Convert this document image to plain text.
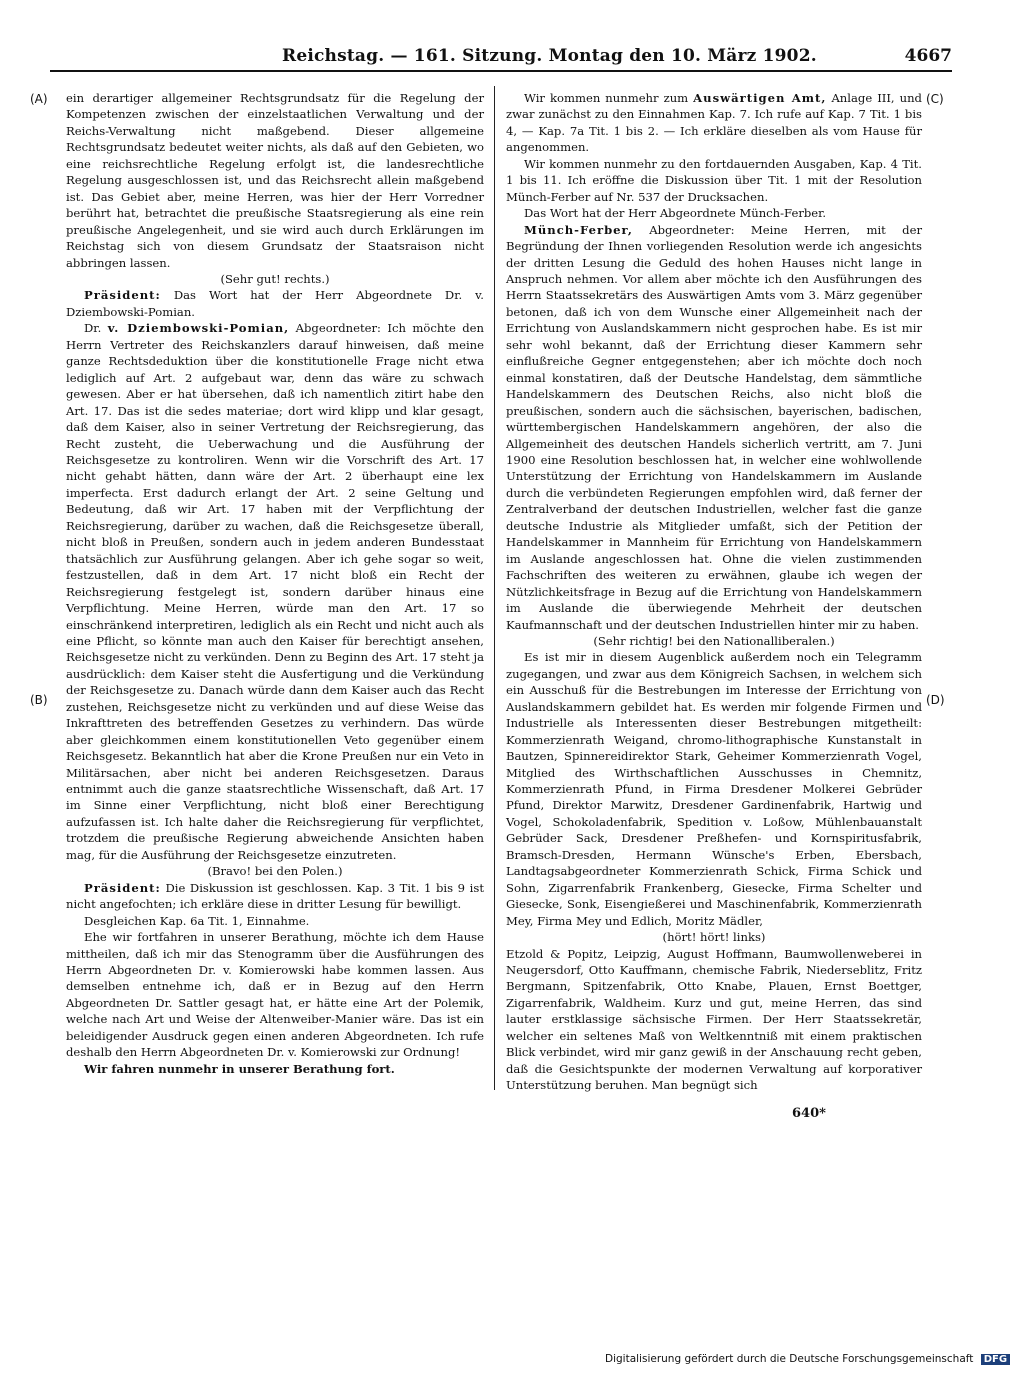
Reichstag. — 161. Sitzung. Montag den 10. März 1902.	4667
(A)
(B)
(C)
(D)

ein derartiger allgemeiner Rechtsgrundsatz für die Regelung der Kompetenzen zwischen der einzelstaatlichen Verwaltung und der Reichs-Verwaltung nicht maßgebend. Dieser allgemeine Rechtsgrundsatz bedeutet weiter nichts, als daß auf den Gebieten, wo eine reichsrechtliche Regelung erfolgt ist, die landesrechtliche Regelung ausgeschlossen ist, und das Reichsrecht allein maßgebend ist. Das Gebiet aber, meine Herren, was hier der Herr Vorredner berührt hat, betrachtet die preußische Staatsregierung als eine rein preußische Angelegenheit, und sie wird auch durch Erklärungen im Reichstag sich von diesem Grundsatz der Staatsraison nicht abbringen lassen.

(Sehr gut! rechts.)

Präsident: Das Wort hat der Herr Abgeordnete Dr. v. Dziembowski-Pomian.

Dr. v. Dziembowski-Pomian, Abgeordneter: Ich möchte den Herrn Vertreter des Reichskanzlers darauf hinweisen, daß meine ganze Rechtsdeduktion über die konstitutionelle Frage nicht etwa lediglich auf Art. 2 aufgebaut war, denn das wäre zu schwach gewesen. Aber er hat übersehen, daß ich namentlich zitirt habe den Art. 17. Das ist die sedes materiae; dort wird klipp und klar gesagt, daß dem Kaiser, also in seiner Vertretung der Reichsregierung, das Recht zusteht, die Ueberwachung und die Ausführung der Reichsgesetze zu kontroliren. Wenn wir die Vorschrift des Art. 17 nicht gehabt hätten, dann wäre der Art. 2 überhaupt eine lex imperfecta. Erst dadurch erlangt der Art. 2 seine Geltung und Bedeutung, daß wir Art. 17 haben mit der Verpflichtung der Reichsregierung, darüber zu wachen, daß die Reichsgesetze überall, nicht bloß in Preußen, sondern auch in jedem anderen Bundesstaat thatsächlich zur Ausführung gelangen. Aber ich gehe sogar so weit, festzustellen, daß in dem Art. 17 nicht bloß ein Recht der Reichsregierung festgelegt ist, sondern darüber hinaus eine Verpflichtung. Meine Herren, würde man den Art. 17 so einschränkend interpretiren, lediglich als ein Recht und nicht auch als eine Pflicht, so könnte man auch den Kaiser für berechtigt ansehen, Reichsgesetze nicht zu verkünden. Denn zu Beginn des Art. 17 steht ja ausdrücklich: dem Kaiser steht die Ausfertigung und die Verkündung der Reichsgesetze zu. Danach würde dann dem Kaiser auch das Recht zustehen, Reichsgesetze nicht zu verkünden und auf diese Weise das Inkrafttreten des betreffenden Gesetzes zu verhindern. Das würde aber gleichkommen einem konstitutionellen Veto gegenüber einem Reichsgesetz. Bekanntlich hat aber die Krone Preußen nur ein Veto in Militärsachen, aber nicht bei anderen Reichsgesetzen. Daraus entnimmt auch die ganze staatsrechtliche Wissenschaft, daß Art. 17 im Sinne einer Verpflichtung, nicht bloß einer Berechtigung aufzufassen ist. Ich halte daher die Reichsregierung für verpflichtet, trotzdem die preußische Regierung abweichende Ansichten haben mag, für die Ausführung der Reichsgesetze einzutreten.

(Bravo! bei den Polen.)

Präsident: Die Diskussion ist geschlossen. Kap. 3 Tit. 1 bis 9 ist nicht angefochten; ich erkläre diese in dritter Lesung für bewilligt.

Desgleichen Kap. 6a Tit. 1, Einnahme.

Ehe wir fortfahren in unserer Berathung, möchte ich dem Hause mittheilen, daß ich mir das Stenogramm über die Ausführungen des Herrn Abgeordneten Dr. v. Komierowski habe kommen lassen. Aus demselben entnehme ich, daß er in Bezug auf den Herrn Abgeordneten Dr. Sattler gesagt hat, er hätte eine Art der Polemik, welche nach Art und Weise der Altenweiber-Manier wäre. Das ist ein beleidigender Ausdruck gegen einen anderen Abgeordneten. Ich rufe deshalb den Herrn Abgeordneten Dr. v. Komierowski zur Ordnung!

Wir fahren nunmehr in unserer Berathung fort.

Wir kommen nunmehr zum Auswärtigen Amt, Anlage III, und zwar zunächst zu den Einnahmen Kap. 7. Ich rufe auf Kap. 7 Tit. 1 bis 4, — Kap. 7a Tit. 1 bis 2. — Ich erkläre dieselben als vom Hause für angenommen.

Wir kommen nunmehr zu den fortdauernden Ausgaben, Kap. 4 Tit. 1 bis 11. Ich eröffne die Diskussion über Tit. 1 mit der Resolution Münch-Ferber auf Nr. 537 der Drucksachen.

Das Wort hat der Herr Abgeordnete Münch-Ferber.

Münch-Ferber, Abgeordneter: Meine Herren, mit der Begründung der Ihnen vorliegenden Resolution werde ich angesichts der dritten Lesung die Geduld des hohen Hauses nicht lange in Anspruch nehmen. Vor allem aber möchte ich den Ausführungen des Herrn Staatssekretärs des Auswärtigen Amts vom 3. März gegenüber betonen, daß ich von dem Wunsche einer Allgemeinheit nach der Errichtung von Auslandskammern nicht gesprochen habe. Es ist mir sehr wohl bekannt, daß der Errichtung dieser Kammern sehr einflußreiche Gegner entgegenstehen; aber ich möchte doch noch einmal konstatiren, daß der Deutsche Handelstag, dem sämmtliche Handelskammern des Deutschen Reichs, also nicht bloß die preußischen, sondern auch die sächsischen, bayerischen, badischen, württembergischen Handelskammern angehören, der also die Allgemeinheit des deutschen Handels sicherlich vertritt, am 7. Juni 1900 eine Resolution beschlossen hat, in welcher eine wohlwollende Unterstützung der Errichtung von Handelskammern im Auslande durch die verbündeten Regierungen empfohlen wird, daß ferner der Zentralverband der deutschen Industriellen, welcher fast die ganze deutsche Industrie als Mitglieder umfaßt, sich der Petition der Handelskammer in Mannheim für Errichtung von Handelskammern im Auslande angeschlossen hat. Ohne die vielen zustimmenden Fachschriften des weiteren zu erwähnen, glaube ich wegen der Nützlichkeitsfrage in Bezug auf die Errichtung von Handelskammern im Auslande die überwiegende Mehrheit der deutschen Kaufmannschaft und der deutschen Industriellen hinter mir zu haben.

(Sehr richtig! bei den Nationalliberalen.)

Es ist mir in diesem Augenblick außerdem noch ein Telegramm zugegangen, und zwar aus dem Königreich Sachsen, in welchem sich ein Ausschuß für die Bestrebungen im Interesse der Errichtung von Auslandskammern gebildet hat. Es werden mir folgende Firmen und Industrielle als Interessenten dieser Bestrebungen mitgetheilt: Kommerzienrath Weigand, chromo-lithographische Kunstanstalt in Bautzen, Spinnereidirektor Stark, Geheimer Kommerzienrath Vogel, Mitglied des Wirthschaftlichen Ausschusses in Chemnitz, Kommerzienrath Pfund, in Firma Dresdener Molkerei Gebrüder Pfund, Direktor Marwitz, Dresdener Gardinenfabrik, Hartwig und Vogel, Schokoladenfabrik, Spedition v. Loßow, Mühlenbauanstalt Gebrüder Sack, Dresdener Preßhefen- und Kornspiritusfabrik, Bramsch-Dresden, Hermann Wünsche's Erben, Ebersbach, Landtagsabgeordneter Kommerzienrath Schick, Firma Schick und Sohn, Zigarrenfabrik Frankenberg, Giesecke, Firma Schelter und Giesecke, Sonk, Eisengießerei und Maschinenfabrik, Kommerzienrath Mey, Firma Mey und Edlich, Moritz Mädler,

(hört! hört! links)

Etzold & Popitz, Leipzig, August Hoffmann, Baumwollenweberei in Neugersdorf, Otto Kauffmann, chemische Fabrik, Niederseblitz, Fritz Bergmann, Spitzenfabrik, Otto Knabe, Plauen, Ernst Boettger, Zigarrenfabrik, Waldheim. Kurz und gut, meine Herren, das sind lauter erstklassige sächsische Firmen. Der Herr Staatssekretär, welcher ein seltenes Maß von Weltkenntniß mit einem praktischen Blick verbindet, wird mir ganz gewiß in der Anschauung recht geben, daß die Gesichtspunkte der modernen Verwaltung auf korporativer Unterstützung beruhen. Man begnügt sich

640*
Digitalisierung gefördert durch die Deutsche Forschungsgemeinschaft DFG
